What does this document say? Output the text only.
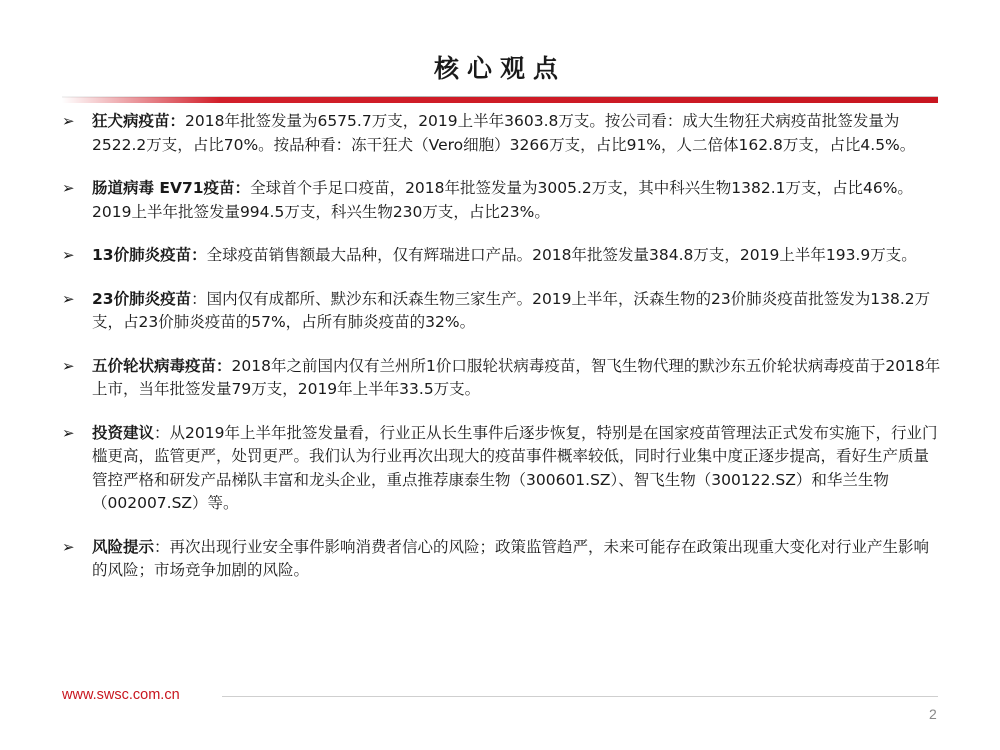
核心观点
➢	狂犬病疫苗：2018年批签发量为6575.7万支，2019上半年3603.8万支。按公司看：成大生物狂犬病疫苗批签发量为2522.2万支，占比70%。按品种看：冻干狂犬（Vero细胞）3266万支，占比91%，人二倍体162.8万支，占比4.5%。
➢	肠道病毒 EV71疫苗：全球首个手足口疫苗，2018年批签发量为3005.2万支，其中科兴生物1382.1万支，占比46%。2019上半年批签发量994.5万支，科兴生物230万支，占比23%。
➢	13价肺炎疫苗：全球疫苗销售额最大品种，仅有辉瑞进口产品。2018年批签发量384.8万支，2019上半年193.9万支。
➢	23价肺炎疫苗：国内仅有成都所、默沙东和沃森生物三家生产。2019上半年，沃森生物的23价肺炎疫苗批签发为138.2万支，占23价肺炎疫苗的57%，占所有肺炎疫苗的32%。
➢	五价轮状病毒疫苗：2018年之前国内仅有兰州所1价口服轮状病毒疫苗，智飞生物代理的默沙东五价轮状病毒疫苗于2018年上市，当年批签发量79万支，2019年上半年33.5万支。
➢	投资建议：从2019年上半年批签发量看，行业正从长生事件后逐步恢复，特别是在国家疫苗管理法正式发布实施下，行业门槛更高，监管更严，处罚更严。我们认为行业再次出现大的疫苗事件概率较低，同时行业集中度正逐步提高，看好生产质量管控严格和研发产品梯队丰富和龙头企业，重点推荐康泰生物（300601.SZ）、智飞生物（300122.SZ）和华兰生物（002007.SZ）等。
➢	风险提示：再次出现行业安全事件影响消费者信心的风险；政策监管趋严，未来可能存在政策出现重大变化对行业产生影响的风险；市场竞争加剧的风险。
www.swsc.com.cn
2
